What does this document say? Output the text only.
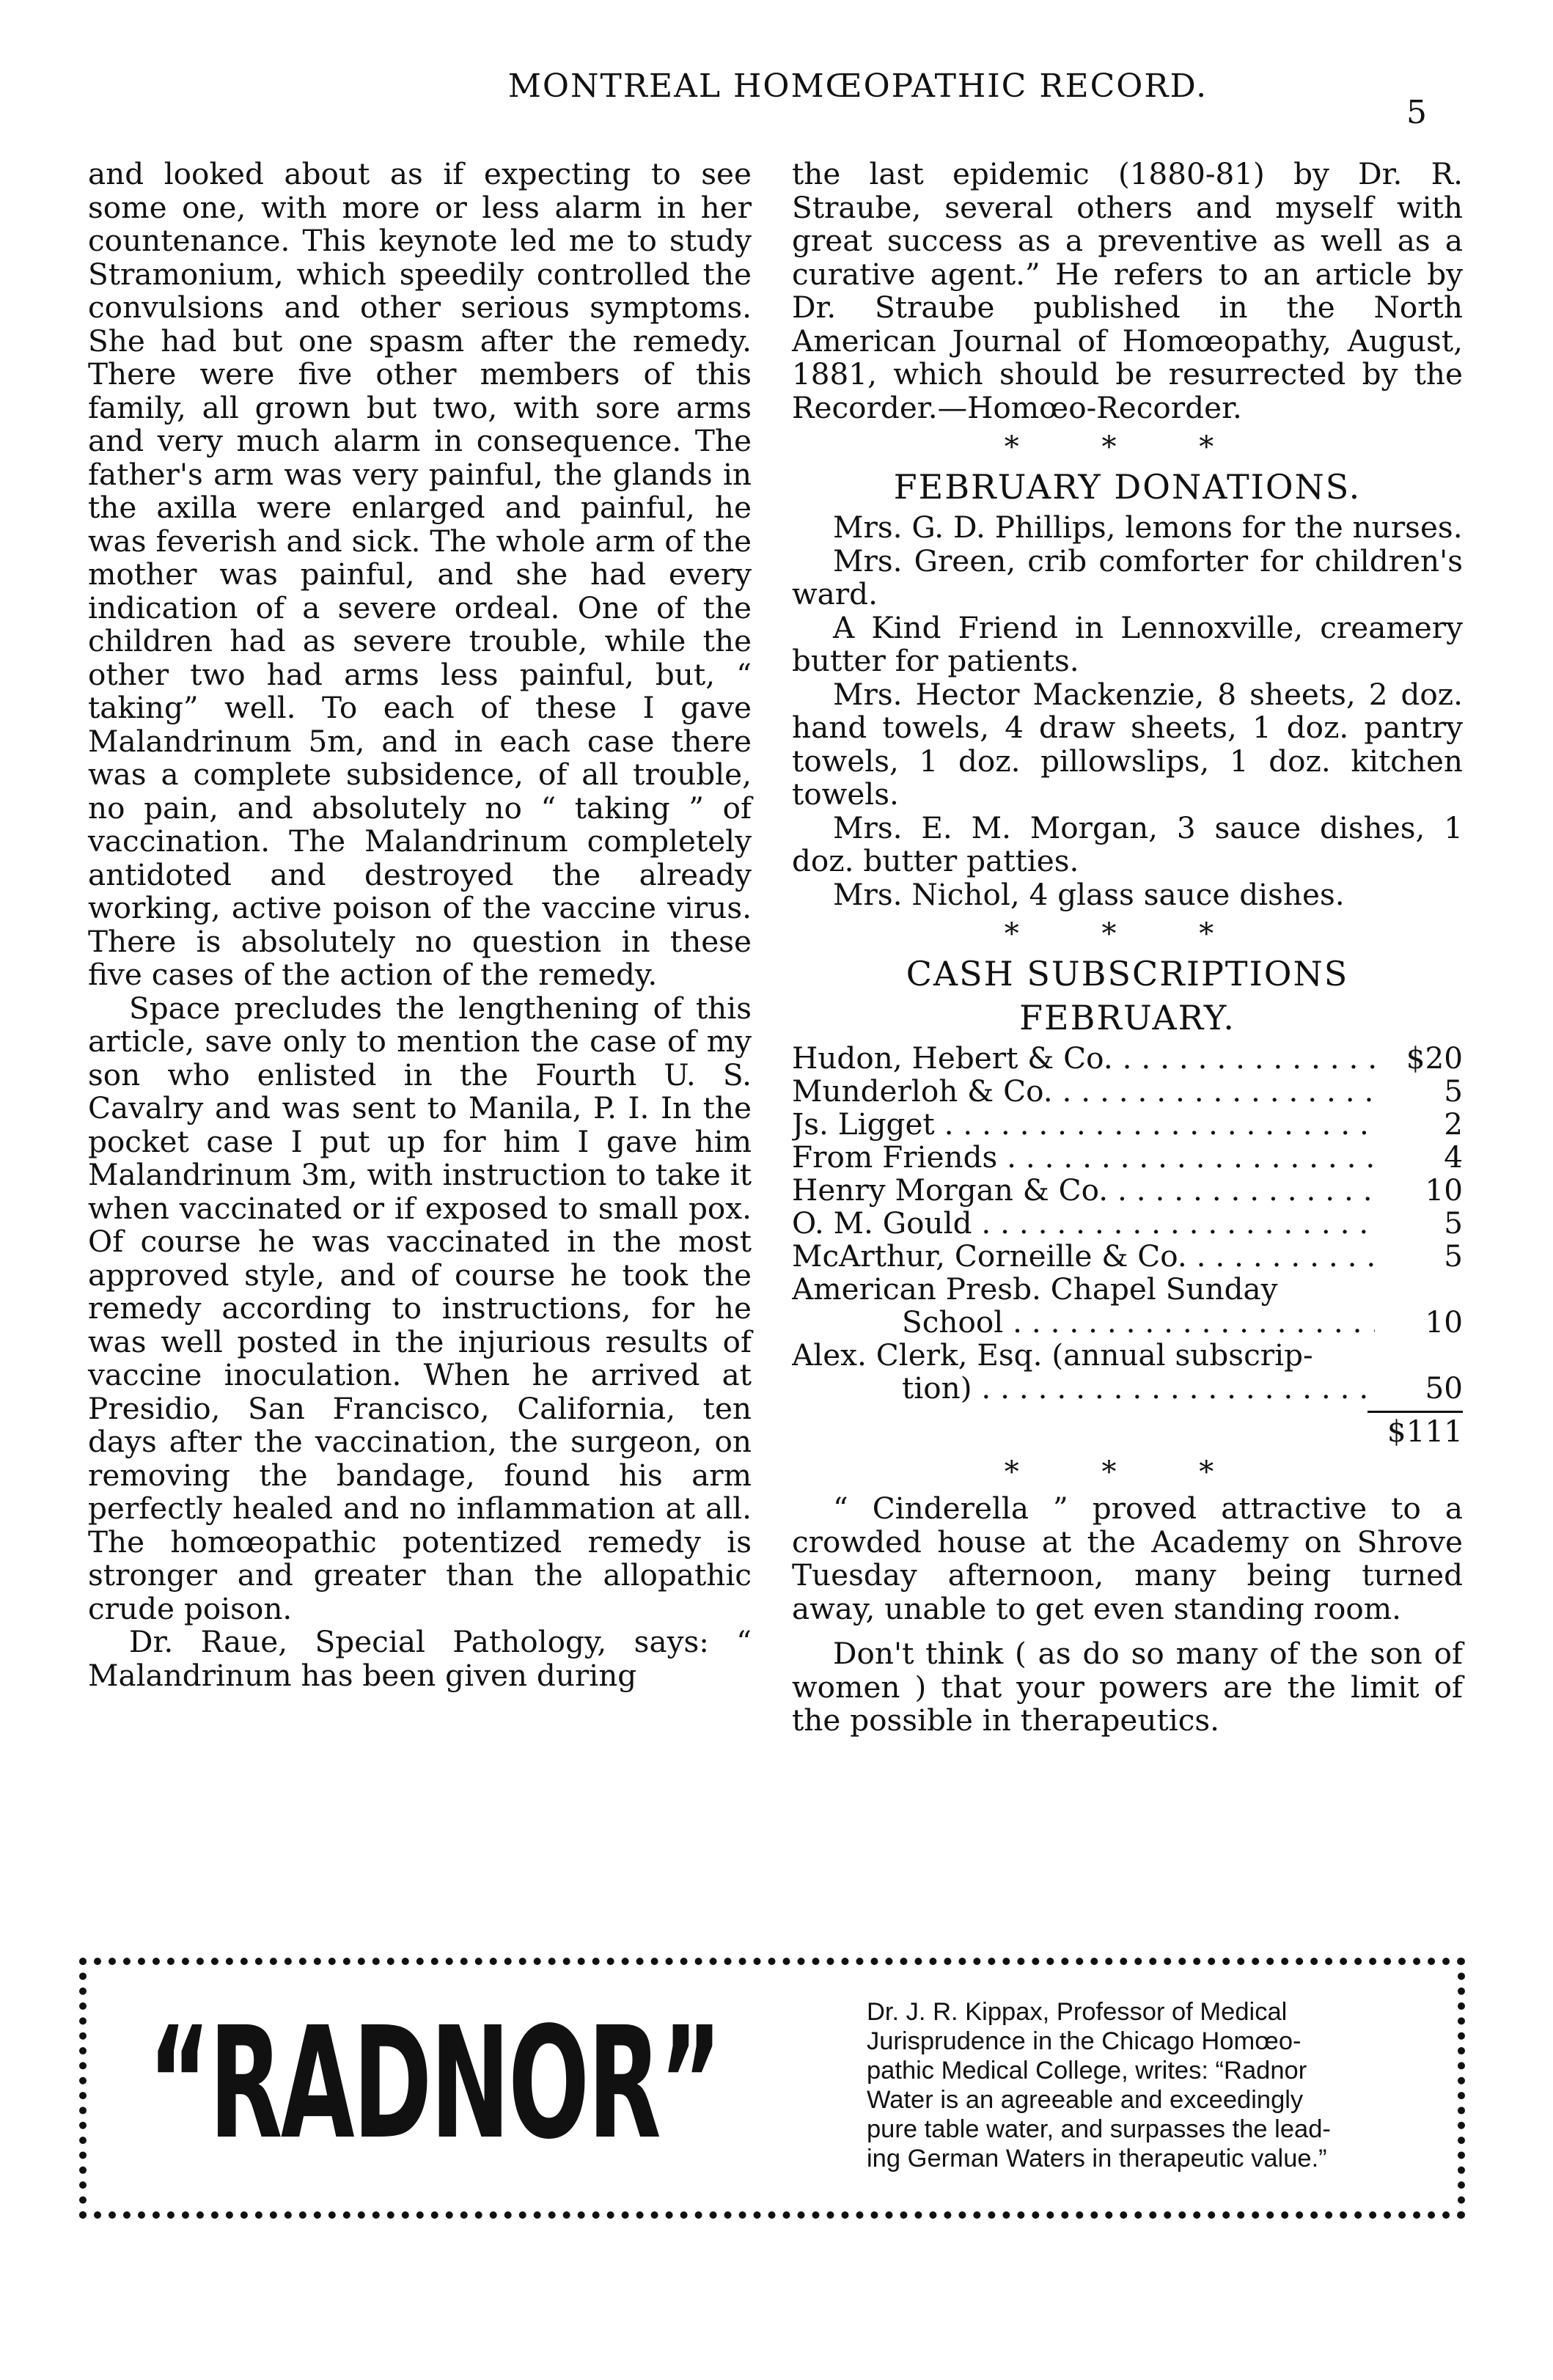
MONTREAL HOMŒOPATHIC RECORD.
5

and looked about as if expecting to see some one, with more or less alarm in her countenance. This keynote led me to study Stramonium, which speedily controlled the convulsions and other serious symptoms. She had but one spasm after the remedy. There were five other members of this family, all grown but two, with sore arms and very much alarm in consequence. The father's arm was very painful, the glands in the axilla were enlarged and painful, he was feverish and sick. The whole arm of the mother was painful, and she had every indication of a severe ordeal. One of the children had as severe trouble, while the other two had arms less painful, but, “ taking” well. To each of these I gave Malandrinum 5m, and in each case there was a complete subsidence, of all trouble, no pain, and absolutely no “ taking ” of vaccination. The Malandrinum completely antidoted and destroyed the already working, active poison of the vaccine virus. There is absolutely no question in these five cases of the action of the remedy.

Space precludes the lengthening of this article, save only to mention the case of my son who enlisted in the Fourth U. S. Cavalry and was sent to Manila, P. I. In the pocket case I put up for him I gave him Malandrinum 3m, with instruction to take it when vaccinated or if exposed to small pox. Of course he was vaccinated in the most approved style, and of course he took the remedy according to instructions, for he was well posted in the injurious results of vaccine inoculation. When he arrived at Presidio, San Francisco, California, ten days after the vaccination, the surgeon, on removing the bandage, found his arm perfectly healed and no inflammation at all. The homœopathic potentized remedy is stronger and greater than the allopathic crude poison.

Dr. Raue, Special Pathology, says: “ Malandrinum has been given during

the last epidemic (1880-81) by Dr. R. Straube, several others and myself with great success as a preventive as well as a curative agent.” He refers to an article by Dr. Straube published in the North American Journal of Homœopathy, August, 1881, which should be resurrected by the Recorder.—Homœo-Recorder.

* * *
FEBRUARY DONATIONS.

Mrs. G. D. Phillips, lemons for the nurses.

Mrs. Green, crib comforter for children's ward.

A Kind Friend in Lennoxville, creamery butter for patients.

Mrs. Hector Mackenzie, 8 sheets, 2 doz. hand towels, 4 draw sheets, 1 doz. pantry towels, 1 doz. pillowslips, 1 doz. kitchen towels.

Mrs. E. M. Morgan, 3 sauce dishes, 1 doz. butter patties.

Mrs. Nichol, 4 glass sauce dishes.

* * *
CASH SUBSCRIPTIONS
FEBRUARY.
Hudon, Hebert & Co. . . .	$20
Munderloh & Co. . . .	5
Js. Ligget . . .	2
From Friends . . .	4
Henry Morgan & Co. . . .	10
O. M. Gould . . .	5
McArthur, Corneille & Co. . . .	5
American Presb. Chapel Sunday
School . . .	10
Alex. Clerk, Esq. (annual subscrip-
tion) . . .	50
$111
* * *

“ Cinderella ” proved attractive to a crowded house at the Academy on Shrove Tuesday afternoon, many being turned away, unable to get even standing room.

Don't think ( as do so many of the son of women ) that your powers are the limit of the possible in therapeutics.

“RADNOR”	Dr. J. R. Kippax, Professor of Medical
Jurisprudence in the Chicago Homœo-
pathic Medical College, writes: “Radnor
Water is an agreeable and exceedingly
pure table water, and surpasses the lead-
ing German Waters in therapeutic value.”
